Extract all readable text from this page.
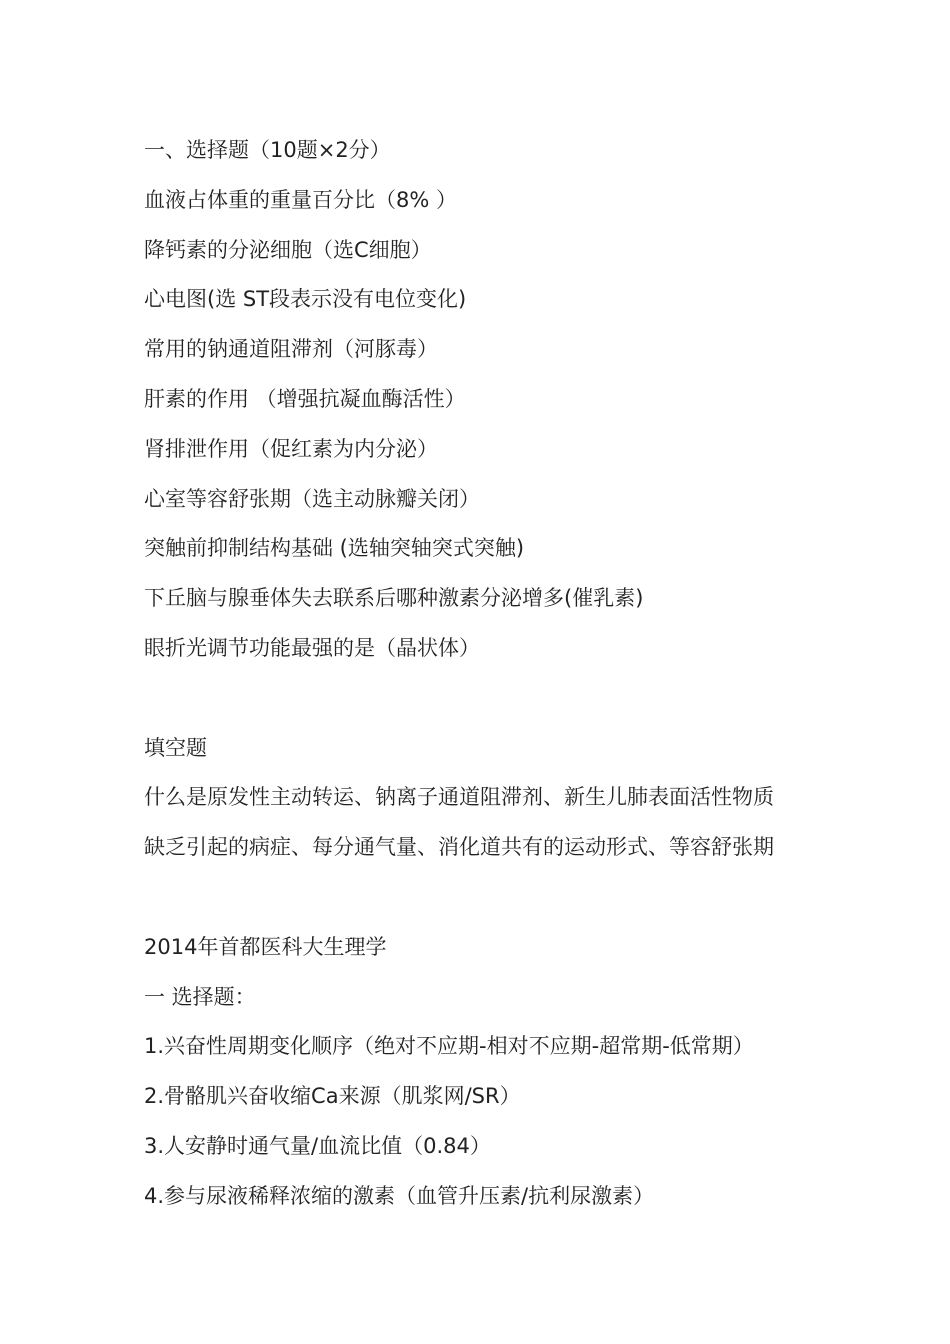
一、选择题（10题×2分）
血液占体重的重量百分比（8% ）
降钙素的分泌细胞（选C细胞）
心电图(选 ST段表示没有电位变化)
常用的钠通道阻滞剂（河豚毒）
肝素的作用 （增强抗凝血酶活性）
肾排泄作用（促红素为内分泌）
心室等容舒张期（选主动脉瓣关闭）
突触前抑制结构基础 (选轴突轴突式突触)
下丘脑与腺垂体失去联系后哪种激素分泌增多(催乳素)
眼折光调节功能最强的是（晶状体）
填空题
什么是原发性主动转运、钠离子通道阻滞剂、新生儿肺表面活性物质
缺乏引起的病症、每分通气量、消化道共有的运动形式、等容舒张期
2014年首都医科大生理学
一 选择题：
1.兴奋性周期变化顺序（绝对不应期-相对不应期-超常期-低常期）
2.骨骼肌兴奋收缩Ca来源（肌浆网/SR）
3.人安静时通气量/血流比值（0.84）
4.参与尿液稀释浓缩的激素（血管升压素/抗利尿激素）
